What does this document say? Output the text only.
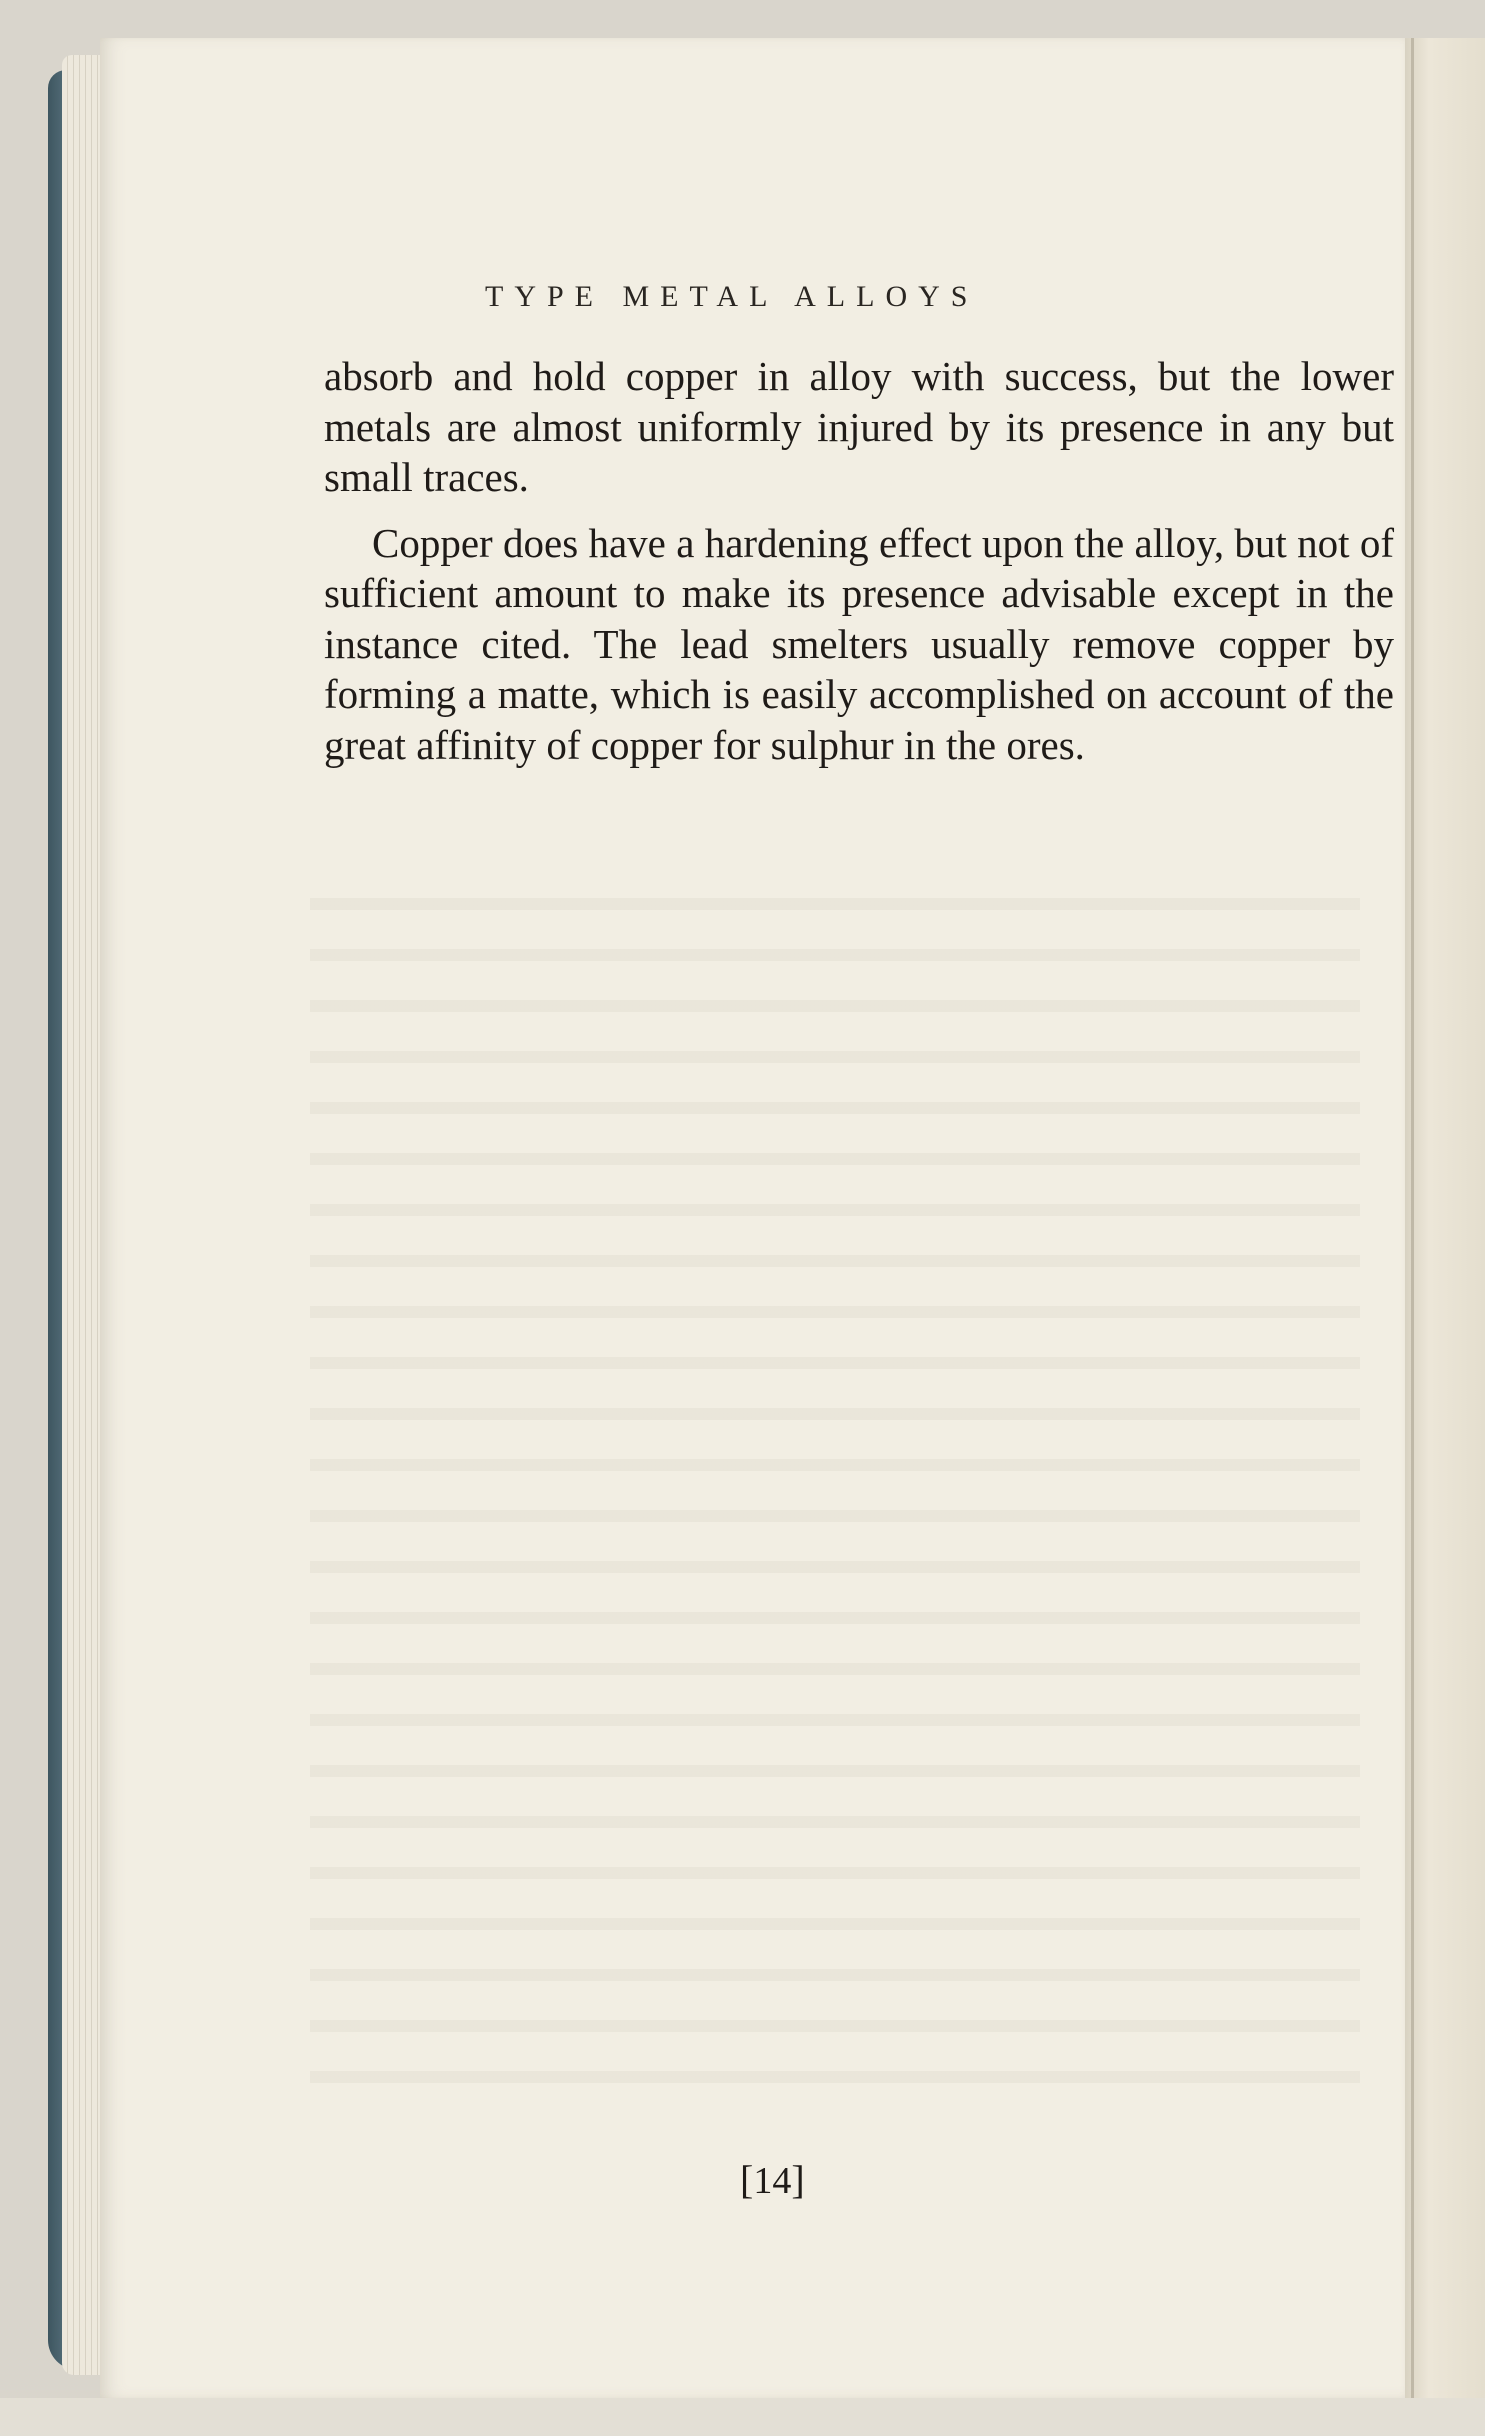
TYPE METAL ALLOYS

absorb and hold copper in alloy with success, but the lower metals are almost uniformly injured by its presence in any but small traces.

Copper does have a hardening effect upon the alloy, but not of sufficient amount to make its presence advisable except in the instance cited. The lead smelters usually remove copper by forming a matte, which is easily accomplished on account of the great affinity of copper for sulphur in the ores.

[14]
